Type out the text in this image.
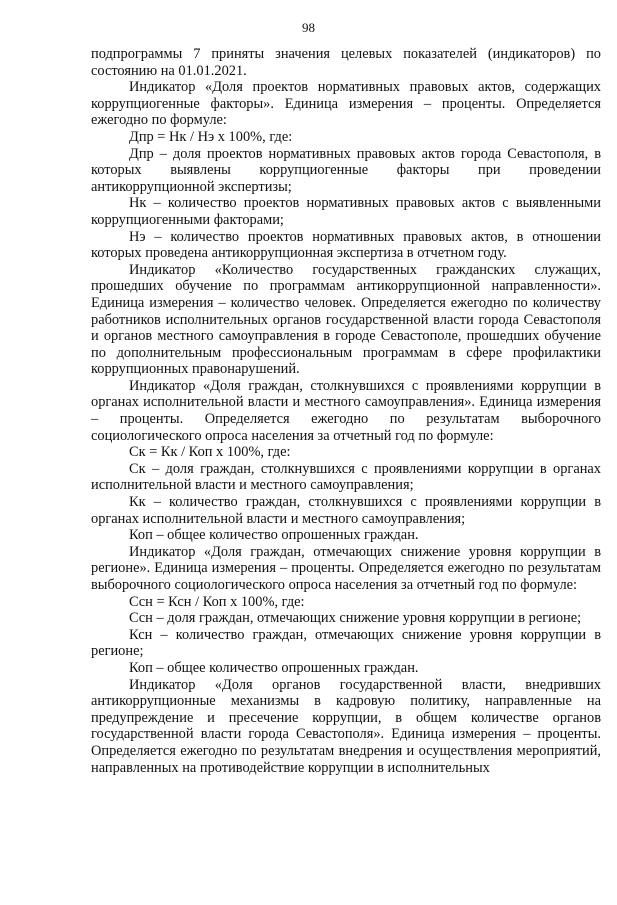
98

подпрограммы 7 приняты значения целевых показателей (индикаторов) по состоянию на 01.01.2021.

Индикатор «Доля проектов нормативных правовых актов, содержащих коррупциогенные факторы». Единица измерения – проценты. Определяется ежегодно по формуле:

Дпр = Нк / Нэ х 100%, где:

Дпр – доля проектов нормативных правовых актов города Севастополя, в которых выявлены коррупциогенные факторы при проведении антикоррупционной экспертизы;

Нк – количество проектов нормативных правовых актов с выявленными коррупциогенными факторами;

Нэ – количество проектов нормативных правовых актов, в отношении которых проведена антикоррупционная экспертиза в отчетном году.

Индикатор «Количество государственных гражданских служащих, прошедших обучение по программам антикоррупционной направленности». Единица измерения – количество человек. Определяется ежегодно по количеству работников исполнительных органов государственной власти города Севастополя и органов местного самоуправления в городе Севастополе, прошедших обучение по дополнительным профессиональным программам в сфере профилактики коррупционных правонарушений.

Индикатор «Доля граждан, столкнувшихся с проявлениями коррупции в органах исполнительной власти и местного самоуправления». Единица измерения – проценты. Определяется ежегодно по результатам выборочного социологического опроса населения за отчетный год по формуле:

Ск = Кк / Коп х 100%, где:

Ск – доля граждан, столкнувшихся с проявлениями коррупции в органах исполнительной власти и местного самоуправления;

Кк – количество граждан, столкнувшихся с проявлениями коррупции в органах исполнительной власти и местного самоуправления;

Коп – общее количество опрошенных граждан.

Индикатор «Доля граждан, отмечающих снижение уровня коррупции в регионе». Единица измерения – проценты. Определяется ежегодно по результатам выборочного социологического опроса населения за отчетный год по формуле:

Ссн = Ксн / Коп х 100%, где:

Ссн – доля граждан, отмечающих снижение уровня коррупции в регионе;

Ксн – количество граждан, отмечающих снижение уровня коррупции в регионе;

Коп – общее количество опрошенных граждан.

Индикатор «Доля органов государственной власти, внедривших антикоррупционные механизмы в кадровую политику, направленные на предупреждение и пресечение коррупции, в общем количестве органов государственной власти города Севастополя». Единица измерения – проценты. Определяется ежегодно по результатам внедрения и осуществления мероприятий, направленных на противодействие коррупции в исполнительных
